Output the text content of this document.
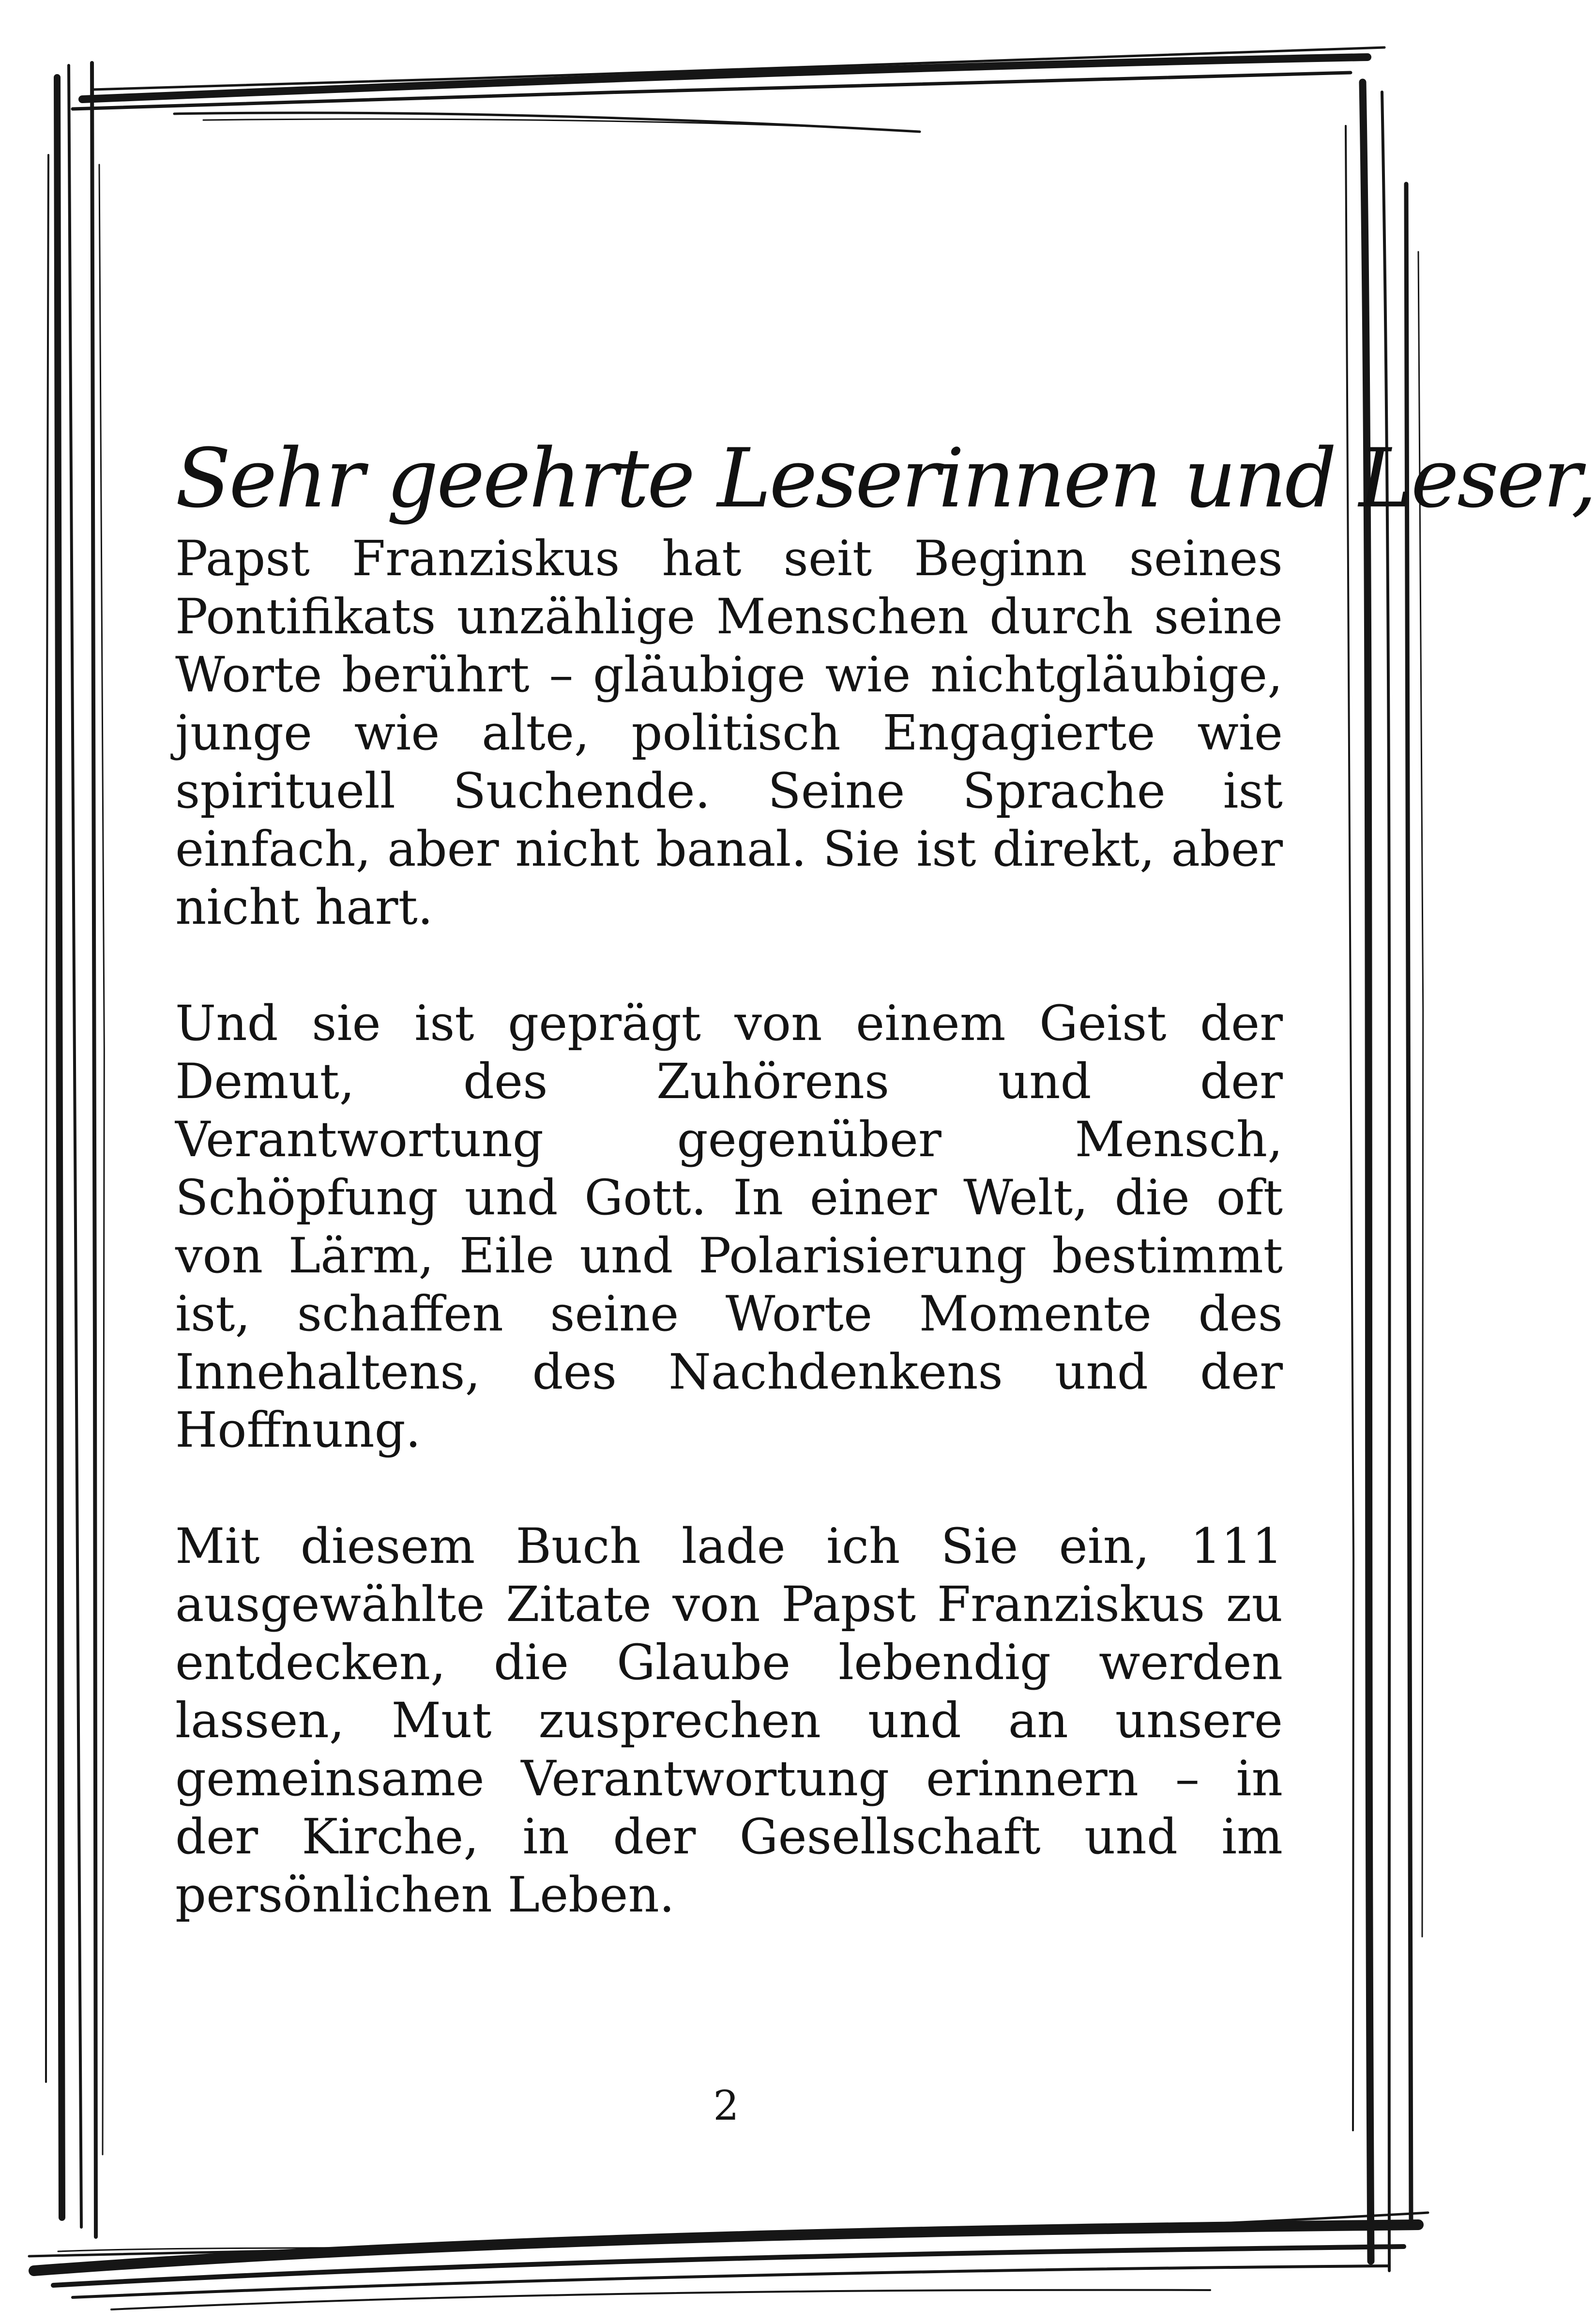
Sehr geehrte Leserinnen und Leser,

Papst Franziskus hat seit Beginn seines Pontifikats unzählige Menschen durch seine Worte berührt – gläubige wie nichtgläubige, junge wie alte, politisch Engagierte wie spirituell Suchende. Seine Sprache ist einfach, aber nicht banal. Sie ist direkt, aber nicht hart.

Und sie ist geprägt von einem Geist der Demut, des Zuhörens und der Verantwortung gegenüber Mensch, Schöpfung und Gott. In einer Welt, die oft von Lärm, Eile und Polarisierung bestimmt ist, schaffen seine Worte Momente des Innehaltens, des Nachdenkens und der Hoffnung.

Mit diesem Buch lade ich Sie ein, 111 ausgewählte Zitate von Papst Franziskus zu entdecken, die Glaube lebendig werden lassen, Mut zusprechen und an unsere gemeinsame Verantwortung erinnern – in der Kirche, in der Gesellschaft und im persönlichen Leben.

2
